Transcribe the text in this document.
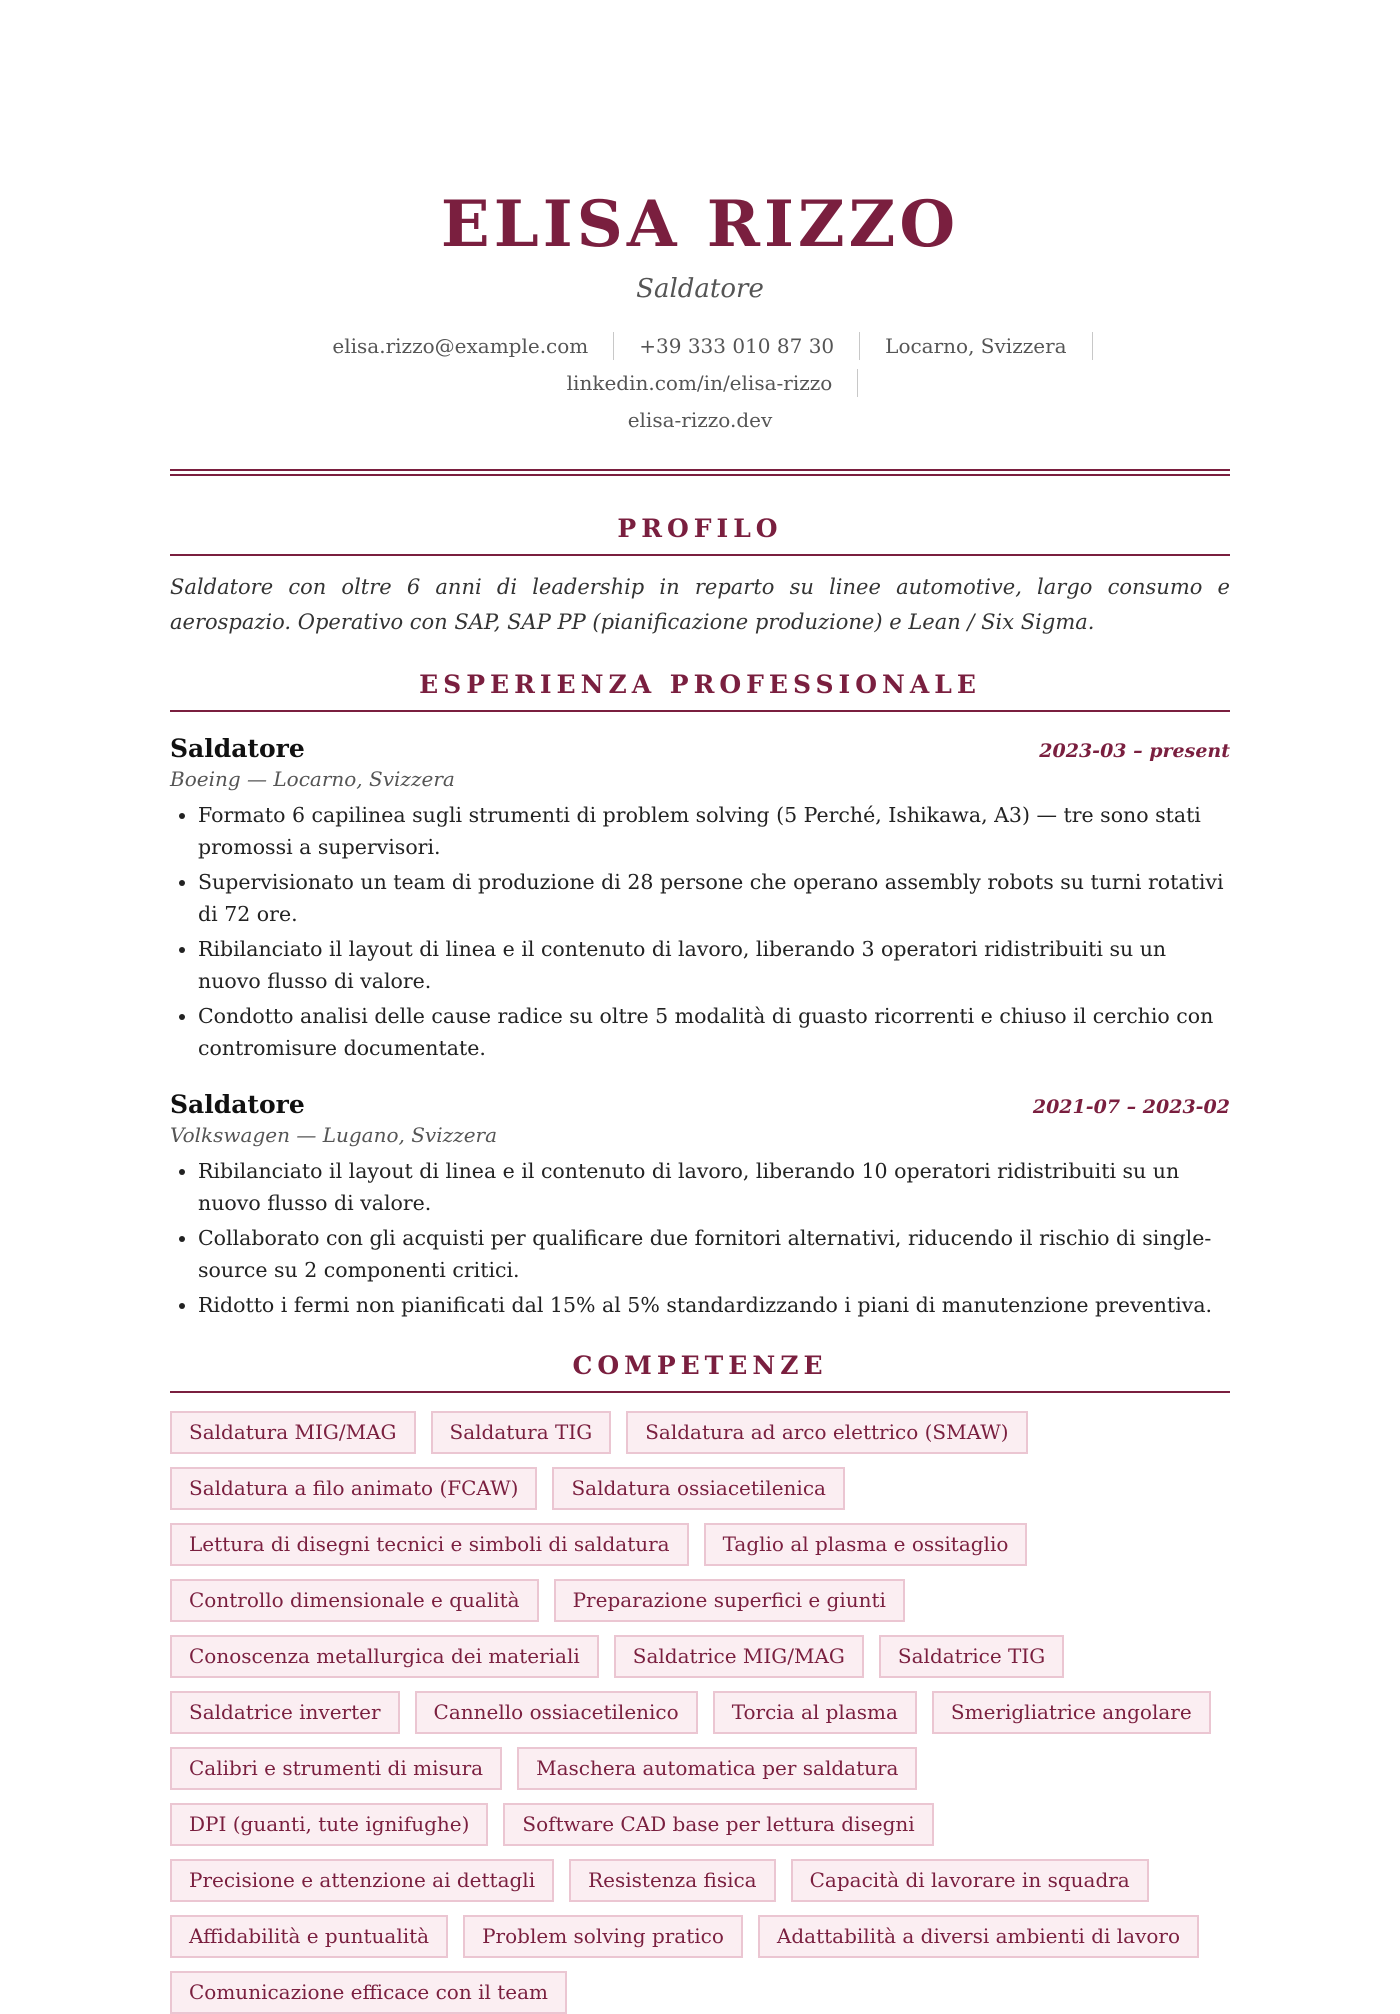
ELISA RIZZO
Saldatore
elisa.rizzo@example.com	+39 333 010 87 30	Locarno, Svizzeralinkedin.com/in/elisa-rizzo
elisa-rizzo.dev
PROFILO

Saldatore con oltre 6 anni di leadership in reparto su linee automotive, largo consumo e aerospazio. Operativo con SAP, SAP PP (pianificazione produzione) e Lean / Six Sigma.

ESPERIENZA PROFESSIONALE
Saldatore	2023-03 – present
Boeing — Locarno, Svizzera
• Formato 6 capilinea sugli strumenti di problem solving (5 Perché, Ishikawa, A3) — tre sono stati promossi a supervisori.
• Supervisionato un team di produzione di 28 persone che operano assembly robots su turni rotativi di 72 ore.
• Ribilanciato il layout di linea e il contenuto di lavoro, liberando 3 operatori ridistribuiti su un nuovo flusso di valore.
• Condotto analisi delle cause radice su oltre 5 modalità di guasto ricorrenti e chiuso il cerchio con contromisure documentate.
Saldatore	2021-07 – 2023-02
Volkswagen — Lugano, Svizzera
• Ribilanciato il layout di linea e il contenuto di lavoro, liberando 10 operatori ridistribuiti su un nuovo flusso di valore.
• Collaborato con gli acquisti per qualificare due fornitori alternativi, riducendo il rischio di single-source su 2 componenti critici.
• Ridotto i fermi non pianificati dal 15% al 5% standardizzando i piani di manutenzione preventiva.
COMPETENZE
Saldatura MIG/MAG	Saldatura TIG	Saldatura ad arco elettrico (SMAW)
Saldatura a filo animato (FCAW)	Saldatura ossiacetilenica
Lettura di disegni tecnici e simboli di saldatura	Taglio al plasma e ossitaglio
Controllo dimensionale e qualità	Preparazione superfici e giunti
Conoscenza metallurgica dei materiali	Saldatrice MIG/MAG	Saldatrice TIG
Saldatrice inverter	Cannello ossiacetilenico	Torcia al plasma	Smerigliatrice angolare
Calibri e strumenti di misura	Maschera automatica per saldatura
DPI (guanti, tute ignifughe)	Software CAD base per lettura disegni
Precisione e attenzione ai dettagli	Resistenza fisica	Capacità di lavorare in squadra
Affidabilità e puntualità	Problem solving pratico	Adattabilità a diversi ambienti di lavoro
Comunicazione efficace con il team
